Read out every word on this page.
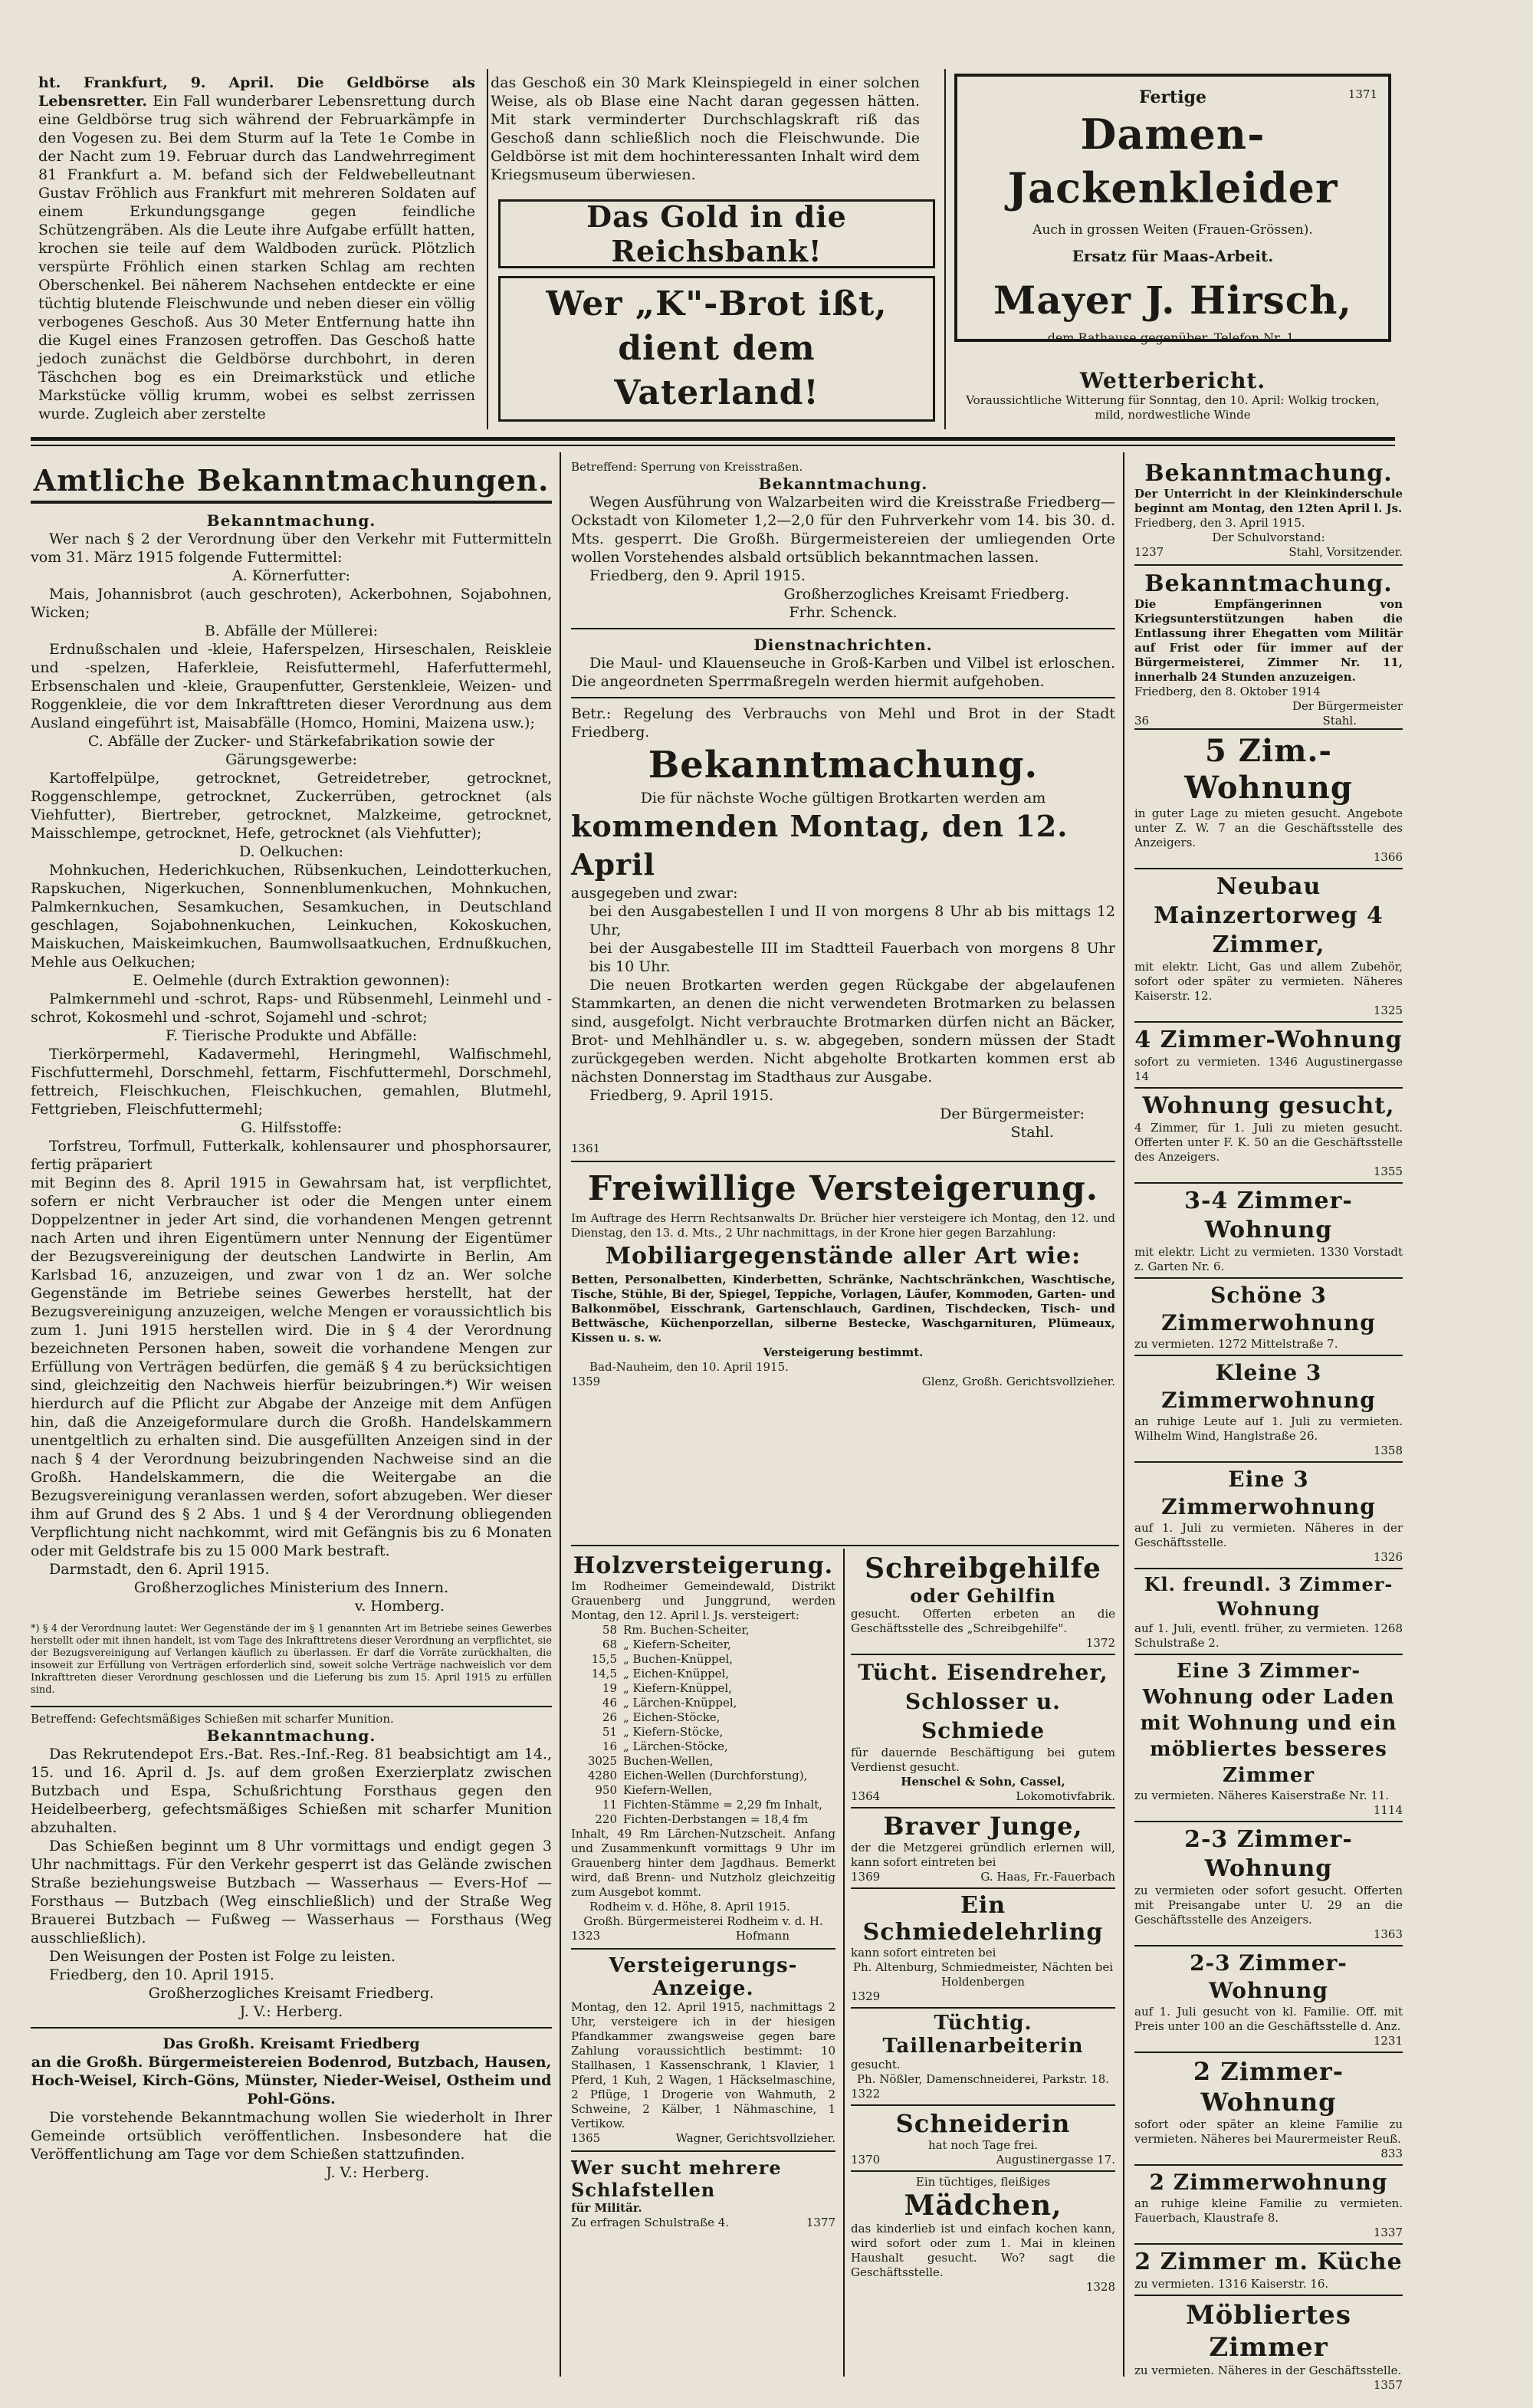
ht. Frankfurt, 9. April. Die Geldbörse als Lebensretter. Ein Fall wunderbarer Lebensrettung durch eine Geldbörse trug sich während der Februarkämpfe in den Vogesen zu. Bei dem Sturm auf la Tete 1e Combe in der Nacht zum 19. Februar durch das Landwehrregiment 81 Frankfurt a. M. befand sich der Feldwebelleutnant Gustav Fröhlich aus Frankfurt mit mehreren Soldaten auf einem Erkundungsgange gegen feindliche Schützengräben. Als die Leute ihre Aufgabe erfüllt hatten, krochen sie teile auf dem Waldboden zurück. Plötzlich verspürte Fröhlich einen starken Schlag am rechten Oberschenkel. Bei näherem Nachsehen entdeckte er eine tüchtig blutende Fleischwunde und neben dieser ein völlig verbogenes Geschoß. Aus 30 Meter Entfernung hatte ihn die Kugel eines Franzosen getroffen. Das Geschoß hatte jedoch zunächst die Geldbörse durchbohrt, in deren Täschchen bog es ein Dreimarkstück und etliche Markstücke völlig krumm, wobei es selbst zerrissen wurde. Zugleich aber zerstelte

das Geschoß ein 30 Mark Kleinspiegeld in einer solchen Weise, als ob Blase eine Nacht daran gegessen hätten. Mit stark verminderter Durchschlagskraft riß das Geschoß dann schließlich noch die Fleischwunde. Die Geldbörse ist mit dem hochinteressanten Inhalt wird dem Kriegsmuseum überwiesen.

Das Gold in die Reichsbank!
Wer „K"-Brot ißt, dient dem Vaterland!
Fertige	1371
Damen-Jackenkleider
Auch in grossen Weiten (Frauen-Grössen).
Ersatz für Maas-Arbeit.
Mayer J. Hirsch,
dem Rathause gegenüber. Telefon Nr. 1.
Wetterbericht.

Voraussichtliche Witterung für Sonntag, den 10. April: Wolkig trocken, mild, nordwestliche Winde

Amtliche Bekanntmachungen.
Bekanntmachung.

Wer nach § 2 der Verordnung über den Verkehr mit Futtermitteln vom 31. März 1915 folgende Futtermittel:

A. Körnerfutter:

Mais, Johannisbrot (auch geschroten), Ackerbohnen, Sojabohnen, Wicken;

B. Abfälle der Müllerei:

Erdnußschalen und -kleie, Haferspelzen, Hirseschalen, Reiskleie und -spelzen, Haferkleie, Reisfuttermehl, Haferfuttermehl, Erbsenschalen und -kleie, Graupenfutter, Gerstenkleie, Weizen- und Roggenkleie, die vor dem Inkrafttreten dieser Verordnung aus dem Ausland eingeführt ist, Maisabfälle (Homco, Homini, Maizena usw.);

C. Abfälle der Zucker- und Stärkefabrikation sowie der Gärungsgewerbe:

Kartoffelpülpe, getrocknet, Getreidetreber, getrocknet, Roggenschlempe, getrocknet, Zuckerrüben, getrocknet (als Viehfutter), Biertreber, getrocknet, Malzkeime, getrocknet, Maisschlempe, getrocknet, Hefe, getrocknet (als Viehfutter);

D. Oelkuchen:

Mohnkuchen, Hederichkuchen, Rübsenkuchen, Leindotterkuchen, Rapskuchen, Nigerkuchen, Sonnenblumenkuchen, Mohnkuchen, Palmkernkuchen, Sesamkuchen, Sesamkuchen, in Deutschland geschlagen, Sojabohnenkuchen, Leinkuchen, Kokoskuchen, Maiskuchen, Maiskeimkuchen, Baumwollsaatkuchen, Erdnußkuchen, Mehle aus Oelkuchen;

E. Oelmehle (durch Extraktion gewonnen):

Palmkernmehl und -schrot, Raps- und Rübsenmehl, Leinmehl und -schrot, Kokosmehl und -schrot, Sojamehl und -schrot;

F. Tierische Produkte und Abfälle:

Tierkörpermehl, Kadavermehl, Heringmehl, Walfischmehl, Fischfuttermehl, Dorschmehl, fettarm, Fischfuttermehl, Dorschmehl, fettreich, Fleischkuchen, Fleischkuchen, gemahlen, Blutmehl, Fettgrieben, Fleischfuttermehl;

G. Hilfsstoffe:

Torfstreu, Torfmull, Futterkalk, kohlensaurer und phosphorsaurer, fertig präpariert

mit Beginn des 8. April 1915 in Gewahrsam hat, ist verpflichtet, sofern er nicht Verbraucher ist oder die Mengen unter einem Doppelzentner in jeder Art sind, die vorhandenen Mengen getrennt nach Arten und ihren Eigentümern unter Nennung der Eigentümer der Bezugsvereinigung der deutschen Landwirte in Berlin, Am Karlsbad 16, anzuzeigen, und zwar von 1 dz an. Wer solche Gegenstände im Betriebe seines Gewerbes herstellt, hat der Bezugsvereinigung anzuzeigen, welche Mengen er voraussichtlich bis zum 1. Juni 1915 herstellen wird. Die in § 4 der Verordnung bezeichneten Personen haben, soweit die vorhandene Mengen zur Erfüllung von Verträgen bedürfen, die gemäß § 4 zu berücksichtigen sind, gleichzeitig den Nachweis hierfür beizubringen.*) Wir weisen hierdurch auf die Pflicht zur Abgabe der Anzeige mit dem Anfügen hin, daß die Anzeigeformulare durch die Großh. Handelskammern unentgeltlich zu erhalten sind. Die ausgefüllten Anzeigen sind in der nach § 4 der Verordnung beizubringenden Nachweise sind an die Großh. Handelskammern, die die Weitergabe an die Bezugsvereinigung veranlassen werden, sofort abzugeben. Wer dieser ihm auf Grund des § 2 Abs. 1 und § 4 der Verordnung obliegenden Verpflichtung nicht nachkommt, wird mit Gefängnis bis zu 6 Monaten oder mit Geldstrafe bis zu 15 000 Mark bestraft.

Darmstadt, den 6. April 1915.

Großherzogliches Ministerium des Innern.
v. Homberg.

*) § 4 der Verordnung lautet: Wer Gegenstände der im § 1 genannten Art im Betriebe seines Gewerbes herstellt oder mit ihnen handelt, ist vom Tage des Inkrafttretens dieser Verordnung an verpflichtet, sie der Bezugsvereinigung auf Verlangen käuflich zu überlassen. Er darf die Vorräte zurückhalten, die insoweit zur Erfüllung von Verträgen erforderlich sind, soweit solche Verträge nachweislich vor dem Inkrafttreten dieser Verordnung geschlossen und die Lieferung bis zum 15. April 1915 zu erfüllen sind.

Betreffend: Gefechtsmäßiges Schießen mit scharfer Munition.

Bekanntmachung.

Das Rekrutendepot Ers.-Bat. Res.-Inf.-Reg. 81 beabsichtigt am 14., 15. und 16. April d. Js. auf dem großen Exerzierplatz zwischen Butzbach und Espa, Schußrichtung Forsthaus gegen den Heidelbeerberg, gefechtsmäßiges Schießen mit scharfer Munition abzuhalten.

Das Schießen beginnt um 8 Uhr vormittags und endigt gegen 3 Uhr nachmittags. Für den Verkehr gesperrt ist das Gelände zwischen Straße beziehungsweise Butzbach — Wasserhaus — Evers-Hof — Forsthaus — Butzbach (Weg einschließlich) und der Straße Weg Brauerei Butzbach — Fußweg — Wasserhaus — Forsthaus (Weg ausschließlich).

Den Weisungen der Posten ist Folge zu leisten.

Friedberg, den 10. April 1915.

Großherzogliches Kreisamt Friedberg.
J. V.: Herberg.
Das Großh. Kreisamt Friedberg
an die Großh. Bürgermeistereien Bodenrod, Butzbach, Hausen, Hoch-Weisel, Kirch-Göns, Münster, Nieder-Weisel, Ostheim und Pohl-Göns.

Die vorstehende Bekanntmachung wollen Sie wiederholt in Ihrer Gemeinde ortsüblich veröffentlichen. Insbesondere hat die Veröffentlichung am Tage vor dem Schießen stattzufinden.

J. V.: Herberg.

Betreffend: Sperrung von Kreisstraßen.

Bekanntmachung.

Wegen Ausführung von Walzarbeiten wird die Kreisstraße Friedberg—Ockstadt von Kilometer 1,2—2,0 für den Fuhrverkehr vom 14. bis 30. d. Mts. gesperrt. Die Großh. Bürgermeistereien der umliegenden Orte wollen Vorstehendes alsbald ortsüblich bekanntmachen lassen.

Friedberg, den 9. April 1915.

Großherzogliches Kreisamt Friedberg.
Frhr. Schenck.
Dienstnachrichten.

Die Maul- und Klauenseuche in Groß-Karben und Vilbel ist erloschen. Die angeordneten Sperrmaßregeln werden hiermit aufgehoben.

Betr.: Regelung des Verbrauchs von Mehl und Brot in der Stadt Friedberg.

Bekanntmachung.

Die für nächste Woche gültigen Brotkarten werden am

kommenden Montag, den 12. April

ausgegeben und zwar:

bei den Ausgabestellen I und II von morgens 8 Uhr ab bis mittags 12 Uhr,

bei der Ausgabestelle III im Stadtteil Fauerbach von morgens 8 Uhr bis 10 Uhr.

Die neuen Brotkarten werden gegen Rückgabe der abgelaufenen Stammkarten, an denen die nicht verwendeten Brotmarken zu belassen sind, ausgefolgt. Nicht verbrauchte Brotmarken dürfen nicht an Bäcker, Brot- und Mehlhändler u. s. w. abgegeben, sondern müssen der Stadt zurückgegeben werden. Nicht abgeholte Brotkarten kommen erst ab nächsten Donnerstag im Stadthaus zur Ausgabe.

Friedberg, 9. April 1915.

Der Bürgermeister:
Stahl.
1361
Freiwillige Versteigerung.

Im Auftrage des Herrn Rechtsanwalts Dr. Brücher hier versteigere ich Montag, den 12. und Dienstag, den 13. d. Mts., 2 Uhr nachmittags, in der Krone hier gegen Barzahlung:

Mobiliargegenstände aller Art wie:

Betten, Personalbetten, Kinderbetten, Schränke, Nachtschränkchen, Waschtische, Tische, Stühle, Bi der, Spiegel, Teppiche, Vorlagen, Läufer, Kommoden, Garten- und Balkonmöbel, Eisschrank, Gartenschlauch, Gardinen, Tischdecken, Tisch- und Bettwäsche, Küchenporzellan, silberne Bestecke, Waschgarnituren, Plümeaux, Kissen u. s. w.

Versteigerung bestimmt.

Bad-Nauheim, den 10. April 1915.

1359	Glenz, Großh. Gerichtsvollzieher.
Holzversteigerung.

Im Rodheimer Gemeindewald, Distrikt Grauenberg und Junggrund, werden Montag, den 12. April l. Js. versteigert:

58 Rm. Buchen-Scheiter,
68 „ Kiefern-Scheiter,
15,5 „ Buchen-Knüppel,
14,5 „ Eichen-Knüppel,
19 „ Kiefern-Knüppel,
46 „ Lärchen-Knüppel,
26 „ Eichen-Stöcke,
51 „ Kiefern-Stöcke,
16 „ Lärchen-Stöcke,
3025 Buchen-Wellen,
4280 Eichen-Wellen (Durchforstung),
950 Kiefern-Wellen,
11 Fichten-Stämme = 2,29 fm Inhalt,
220 Fichten-Derbstangen = 18,4 fm

Inhalt, 49 Rm Lärchen-Nutzscheit. Anfang und Zusammenkunft vormittags 9 Uhr im Grauenberg hinter dem Jagdhaus. Bemerkt wird, daß Brenn- und Nutzholz gleichzeitig zum Ausgebot kommt.

Rodheim v. d. Höhe, 8. April 1915.

Großh. Bürgermeisterei Rodheim v. d. H.
1323	Hofmann
Versteigerungs-Anzeige.

Montag, den 12. April 1915, nachmittags 2 Uhr, versteigere ich in der hiesigen Pfandkammer zwangsweise gegen bare Zahlung voraussichtlich bestimmt: 10 Stallhasen, 1 Kassenschrank, 1 Klavier, 1 Pferd, 1 Kuh, 2 Wagen, 1 Häckselmaschine, 2 Pflüge, 1 Drogerie von Wahmuth, 2 Schweine, 2 Kälber, 1 Nähmaschine, 1 Vertikow.

1365	Wagner, Gerichtsvollzieher.
Wer sucht mehrere Schlafstellen
für Militär.
Zu erfragen Schulstraße 4.	1377
Schreibgehilfe
oder Gehilfin

gesucht. Offerten erbeten an die Geschäftsstelle des „Schreibgehilfe".

1372
Tücht. Eisendreher, Schlosser u. Schmiede

für dauernde Beschäftigung bei gutem Verdienst gesucht.

Henschel & Sohn, Cassel,
1364	Lokomotivfabrik.
Braver Junge,

der die Metzgerei gründlich erlernen will, kann sofort eintreten bei

1369	G. Haas, Fr.-Fauerbach
Ein Schmiedelehrling

kann sofort eintreten bei

Ph. Altenburg, Schmiedmeister, Nächten bei Holdenbergen
1329
Tüchtig. Taillenarbeiterin

gesucht.

Ph. Nößler, Damenschneiderei, Parkstr. 18.
1322
Schneiderin

hat noch Tage frei.

1370	Augustinergasse 17.
Ein tüchtiges, fleißiges
Mädchen,

das kinderlieb ist und einfach kochen kann, wird sofort oder zum 1. Mai in kleinen Haushalt gesucht. Wo? sagt die Geschäftsstelle.

1328
Bekanntmachung.

Der Unterricht in der Kleinkinderschule beginnt am Montag, den 12ten April l. Js.

Friedberg, den 3. April 1915.

Der Schulvorstand:
1237	Stahl, Vorsitzender.
Bekanntmachung.

Die Empfängerinnen von Kriegsunterstützungen haben die Entlassung ihrer Ehegatten vom Militär auf Frist oder für immer auf der Bürgermeisterei, Zimmer Nr. 11, innerhalb 24 Stunden anzuzeigen.

Friedberg, den 8. Oktober 1914

Der Bürgermeister
36	Stahl.
5 Zim.-Wohnung

in guter Lage zu mieten gesucht. Angebote unter Z. W. 7 an die Geschäftsstelle des Anzeigers.

1366
Neubau Mainzertorweg 4 Zimmer,

mit elektr. Licht, Gas und allem Zubehör, sofort oder später zu vermieten. Näheres Kaiserstr. 12.

1325
4 Zimmer-Wohnung

sofort zu vermieten. 1346 Augustinergasse 14

Wohnung gesucht,

4 Zimmer, für 1. Juli zu mieten gesucht. Offerten unter F. K. 50 an die Geschäftsstelle des Anzeigers.

1355
3-4 Zimmer-Wohnung

mit elektr. Licht zu vermieten. 1330 Vorstadt z. Garten Nr. 6.

Schöne 3 Zimmerwohnung

zu vermieten. 1272 Mittelstraße 7.

Kleine 3 Zimmerwohnung

an ruhige Leute auf 1. Juli zu vermieten. Wilhelm Wind, Hanglstraße 26.

1358
Eine 3 Zimmerwohnung

auf 1. Juli zu vermieten. Näheres in der Geschäftsstelle.

1326
Kl. freundl. 3 Zimmer-Wohnung

auf 1. Juli, eventl. früher, zu vermieten. 1268 Schulstraße 2.

Eine 3 Zimmer-Wohnung oder Laden mit Wohnung und ein möbliertes besseres Zimmer

zu vermieten. Näheres Kaiserstraße Nr. 11.

1114
2-3 Zimmer-Wohnung

zu vermieten oder sofort gesucht. Offerten mit Preisangabe unter U. 29 an die Geschäftsstelle des Anzeigers.

1363
2-3 Zimmer-Wohnung

auf 1. Juli gesucht von kl. Familie. Off. mit Preis unter 100 an die Geschäftsstelle d. Anz.

1231
2 Zimmer-Wohnung

sofort oder später an kleine Familie zu vermieten. Näheres bei Maurermeister Reuß.

833
2 Zimmerwohnung

an ruhige kleine Familie zu vermieten. Fauerbach, Klaustrafe 8.

1337
2 Zimmer m. Küche

zu vermieten. 1316 Kaiserstr. 16.

Möbliertes Zimmer

zu vermieten. Näheres in der Geschäftsstelle.

1357
